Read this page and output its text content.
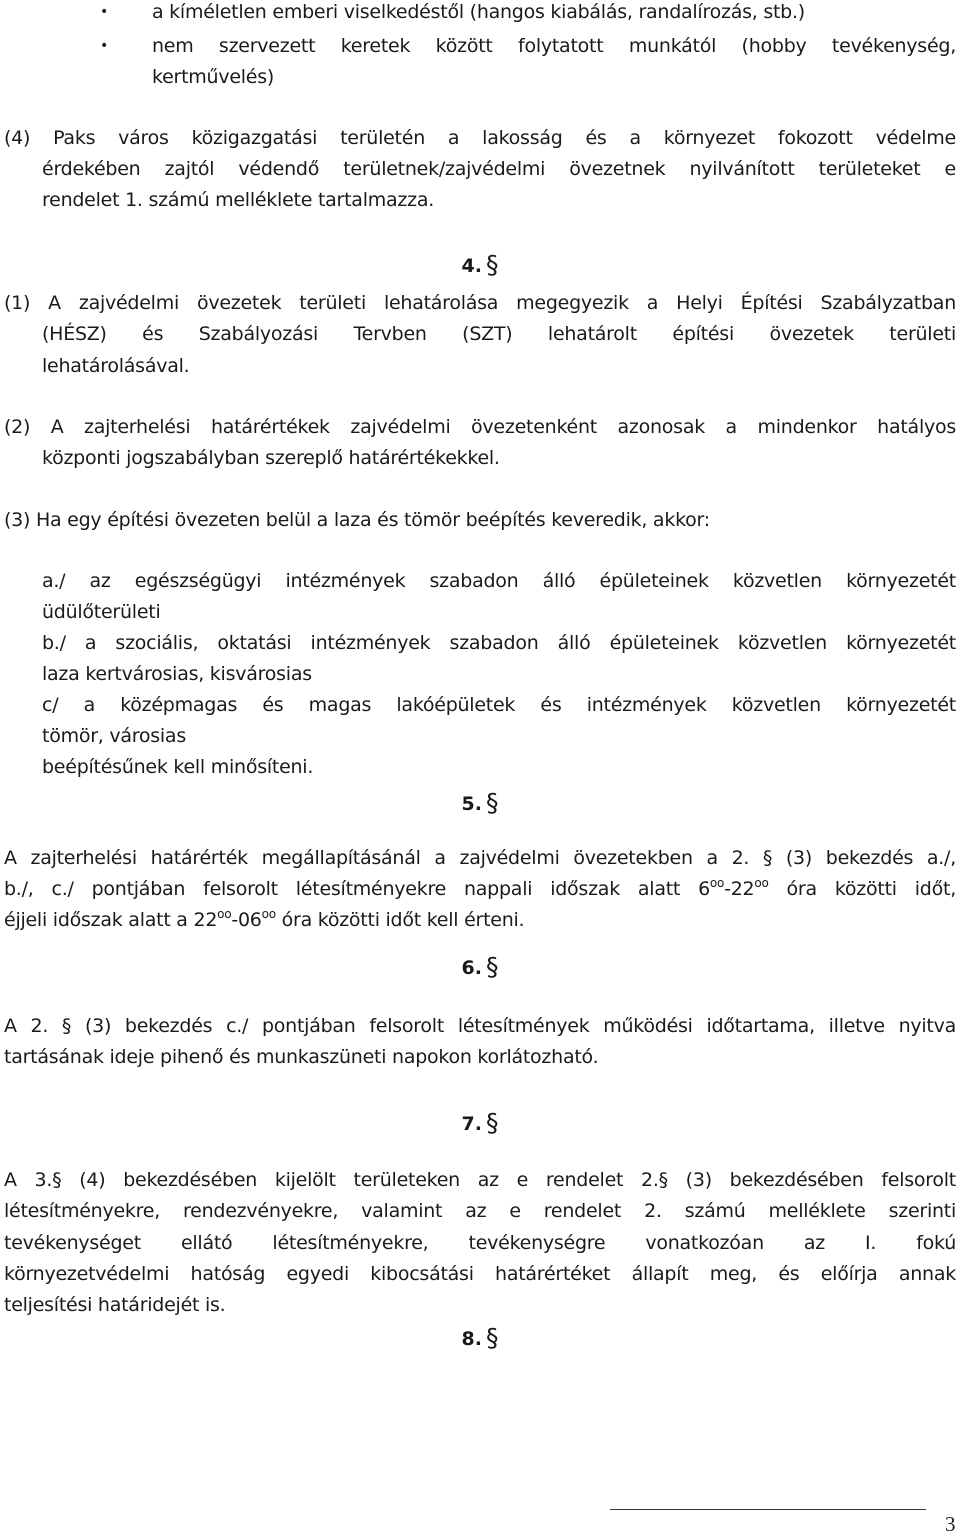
• a kíméletlen emberi viselkedéstől (hangos kiabálás, randalírozás, stb.)
• nem szervezett keretek között folytatott munkától (hobby tevékenység,
kertművelés)
(4) Paks város közigazgatási területén a lakosság és a környezet fokozott védelme
érdekében zajtól védendő területnek/zajvédelmi övezetnek nyilvánított területeket e
rendelet 1. számú melléklete tartalmazza.
4. §
(1) A zajvédelmi övezetek területi lehatárolása megegyezik a Helyi Építési Szabályzatban
(HÉSZ) és Szabályozási Tervben (SZT) lehatárolt építési övezetek területi
lehatárolásával.
(2) A zajterhelési határértékek zajvédelmi övezetenként azonosak a mindenkor hatályos
központi jogszabályban szereplő határértékekkel.
(3) Ha egy építési övezeten belül a laza és tömör beépítés keveredik, akkor:
a./ az egészségügyi intézmények szabadon álló épületeinek közvetlen környezetét
üdülőterületi
b./ a szociális, oktatási intézmények szabadon álló épületeinek közvetlen környezetét
laza kertvárosias, kisvárosias
c/ a középmagas és magas lakóépületek és intézmények közvetlen környezetét
tömör, városias
beépítésűnek kell minősíteni.
5. §
A zajterhelési határérték megállapításánál a zajvédelmi övezetekben a 2. § (3) bekezdés a./,
b./, c./ pontjában felsorolt létesítményekre nappali időszak alatt $6^{oo}-22^{oo}$ óra közötti időt,
éjjeli időszak alatt a $22^{oo}-06^{oo}$ óra közötti időt kell érteni.
6. §
A 2. § (3) bekezdés c./ pontjában felsorolt létesítmények működési időtartama, illetve nyitva
tartásának ideje pihenő és munkaszüneti napokon korlátozható.
7. §
A 3.§ (4) bekezdésében kijelölt területeken az e rendelet 2.§ (3) bekezdésében felsorolt
létesítményekre, rendezvényekre, valamint az e rendelet 2. számú melléklete szerinti
tevékenységet ellátó létesítményekre, tevékenységre vonatkozóan az I. fokú
környezetvédelmi hatóság egyedi kibocsátási határértéket állapít meg, és előírja annak
teljesítési határidejét is.
8. §
3
